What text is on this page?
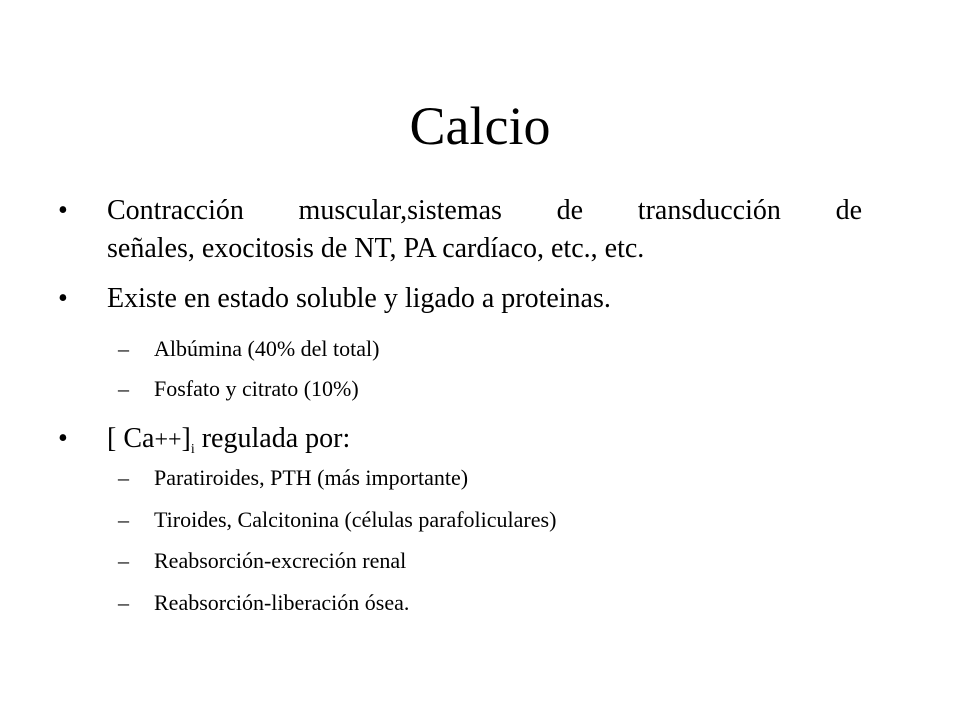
Calcio
•	Contracción muscular,sistemas de transducción de
señales, exocitosis de NT, PA cardíaco, etc., etc.
•	Existe en estado soluble y ligado a proteinas.
–	Albúmina (40% del total)
–	Fosfato y citrato (10%)
•	[ $Ca++]_i$ regulada por:
–	Paratiroides, PTH (más importante)
–	Tiroides, Calcitonina (células parafoliculares)
–	Reabsorción-excreción renal
–	Reabsorción-liberación ósea.
